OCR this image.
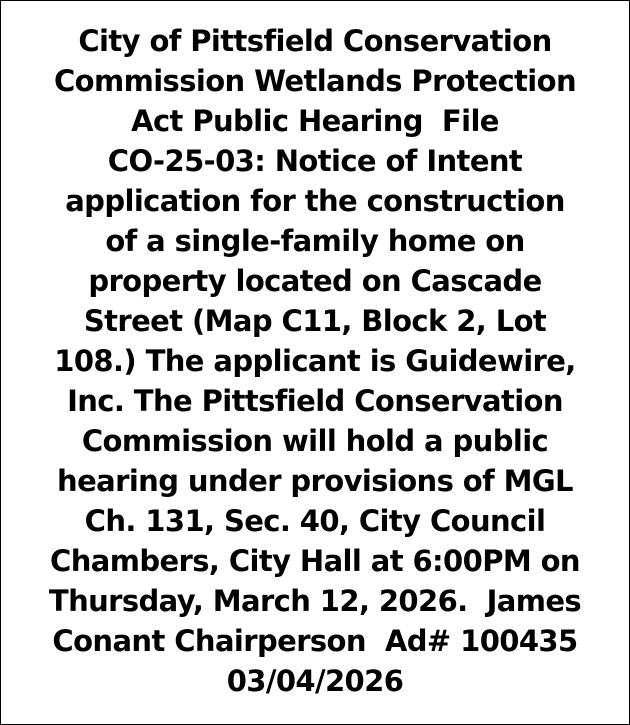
City of Pittsfield Conservation
Commission Wetlands Protection
Act Public Hearing  File
CO-25-03: Notice of Intent
application for the construction
of a single-family home on
property located on Cascade
Street (Map C11, Block 2, Lot
108.) The applicant is Guidewire,
Inc. The Pittsfield Conservation
Commission will hold a public
hearing under provisions of MGL
Ch. 131, Sec. 40, City Council
Chambers, City Hall at 6:00PM on
Thursday, March 12, 2026.  James
Conant Chairperson  Ad# 100435
03/04/2026
